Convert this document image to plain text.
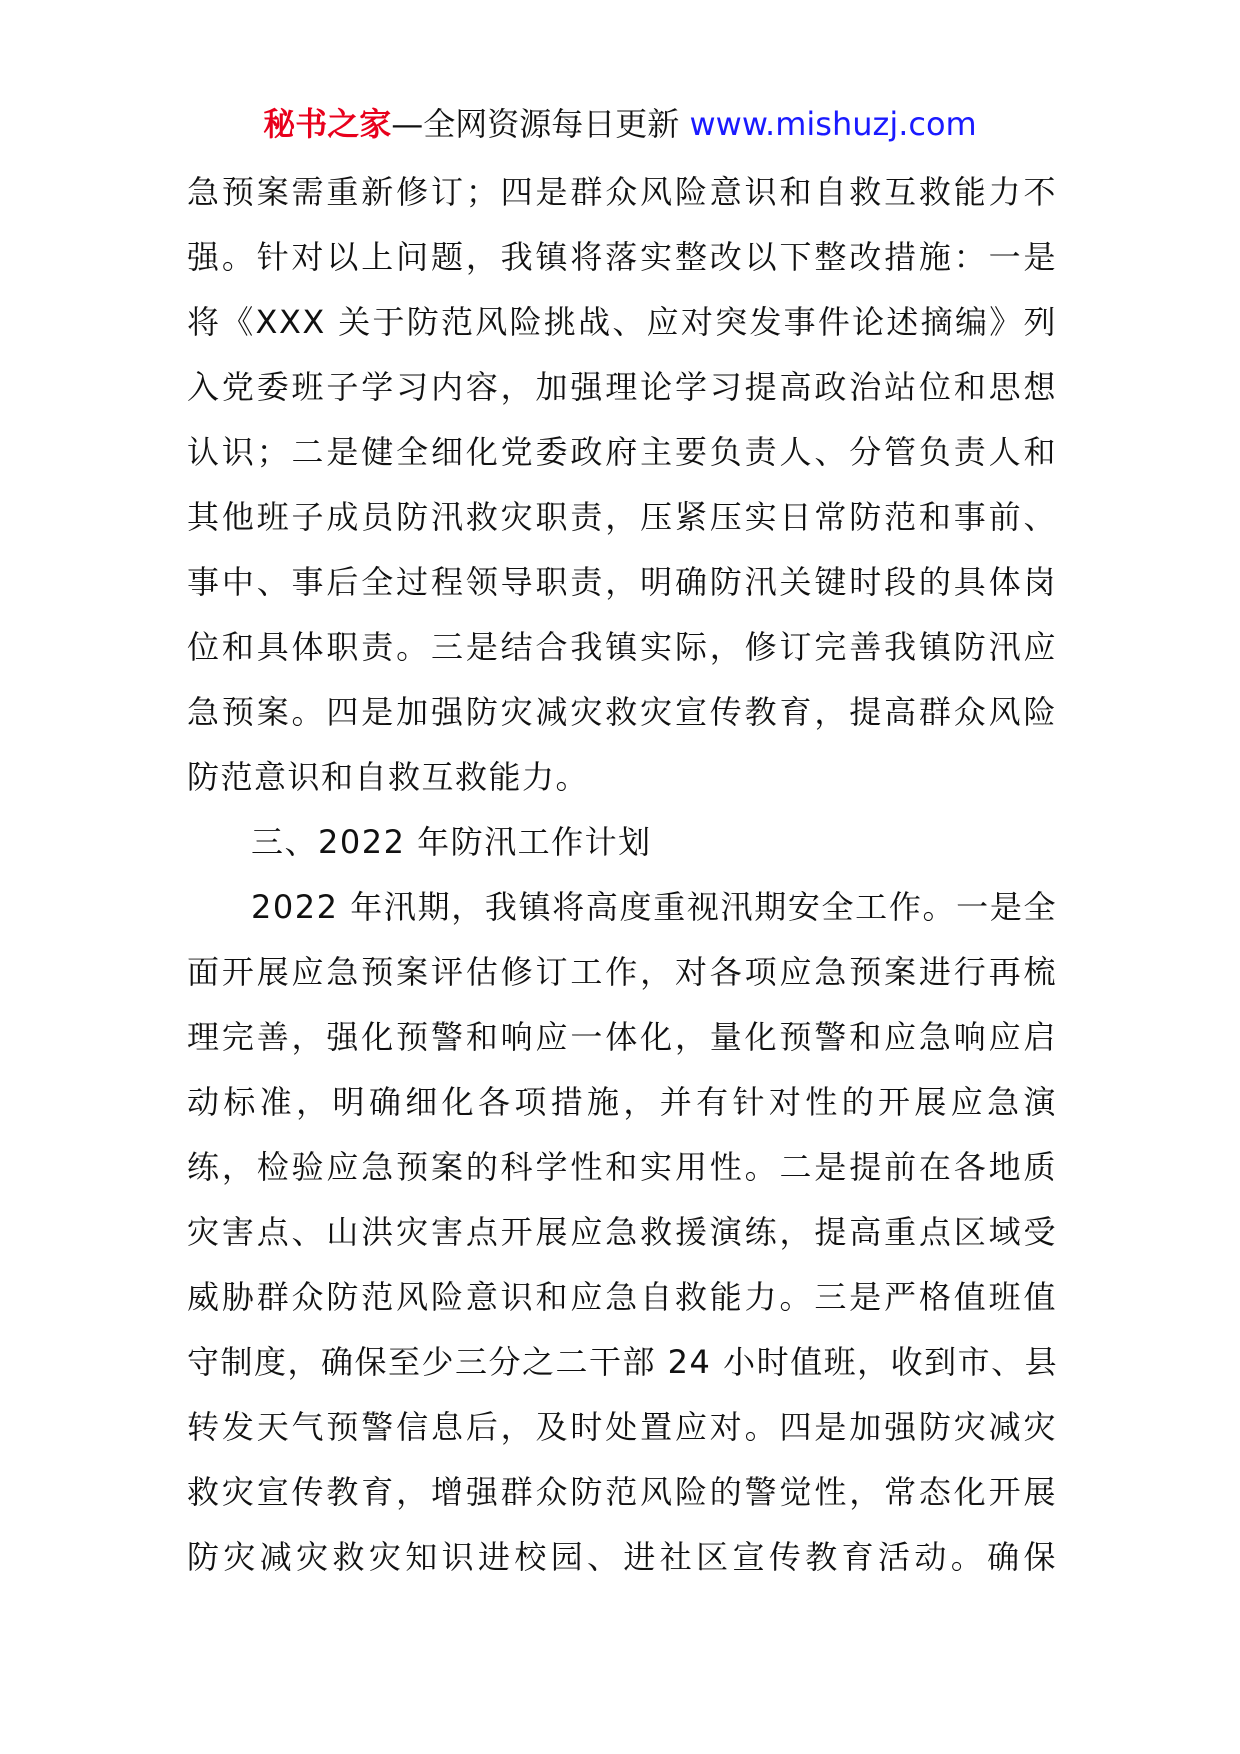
秘书之家—全网资源每日更新 www.mishuzj.com
急预案需重新修订；四是群众风险意识和自救互救能力不
强。针对以上问题，我镇将落实整改以下整改措施：一是
将《XXX 关于防范风险挑战、应对突发事件论述摘编》列
入党委班子学习内容，加强理论学习提高政治站位和思想
认识；二是健全细化党委政府主要负责人、分管负责人和
其他班子成员防汛救灾职责，压紧压实日常防范和事前、
事中、事后全过程领导职责，明确防汛关键时段的具体岗
位和具体职责。三是结合我镇实际，修订完善我镇防汛应
急预案。四是加强防灾减灾救灾宣传教育，提高群众风险
防范意识和自救互救能力。
三、2022 年防汛工作计划
2022 年汛期，我镇将高度重视汛期安全工作。一是全
面开展应急预案评估修订工作，对各项应急预案进行再梳
理完善，强化预警和响应一体化，量化预警和应急响应启
动标准，明确细化各项措施，并有针对性的开展应急演
练，检验应急预案的科学性和实用性。二是提前在各地质
灾害点、山洪灾害点开展应急救援演练，提高重点区域受
威胁群众防范风险意识和应急自救能力。三是严格值班值
守制度，确保至少三分之二干部 24 小时值班，收到市、县
转发天气预警信息后，及时处置应对。四是加强防灾减灾
救灾宣传教育，增强群众防范风险的警觉性，常态化开展
防灾减灾救灾知识进校园、进社区宣传教育活动。确保
